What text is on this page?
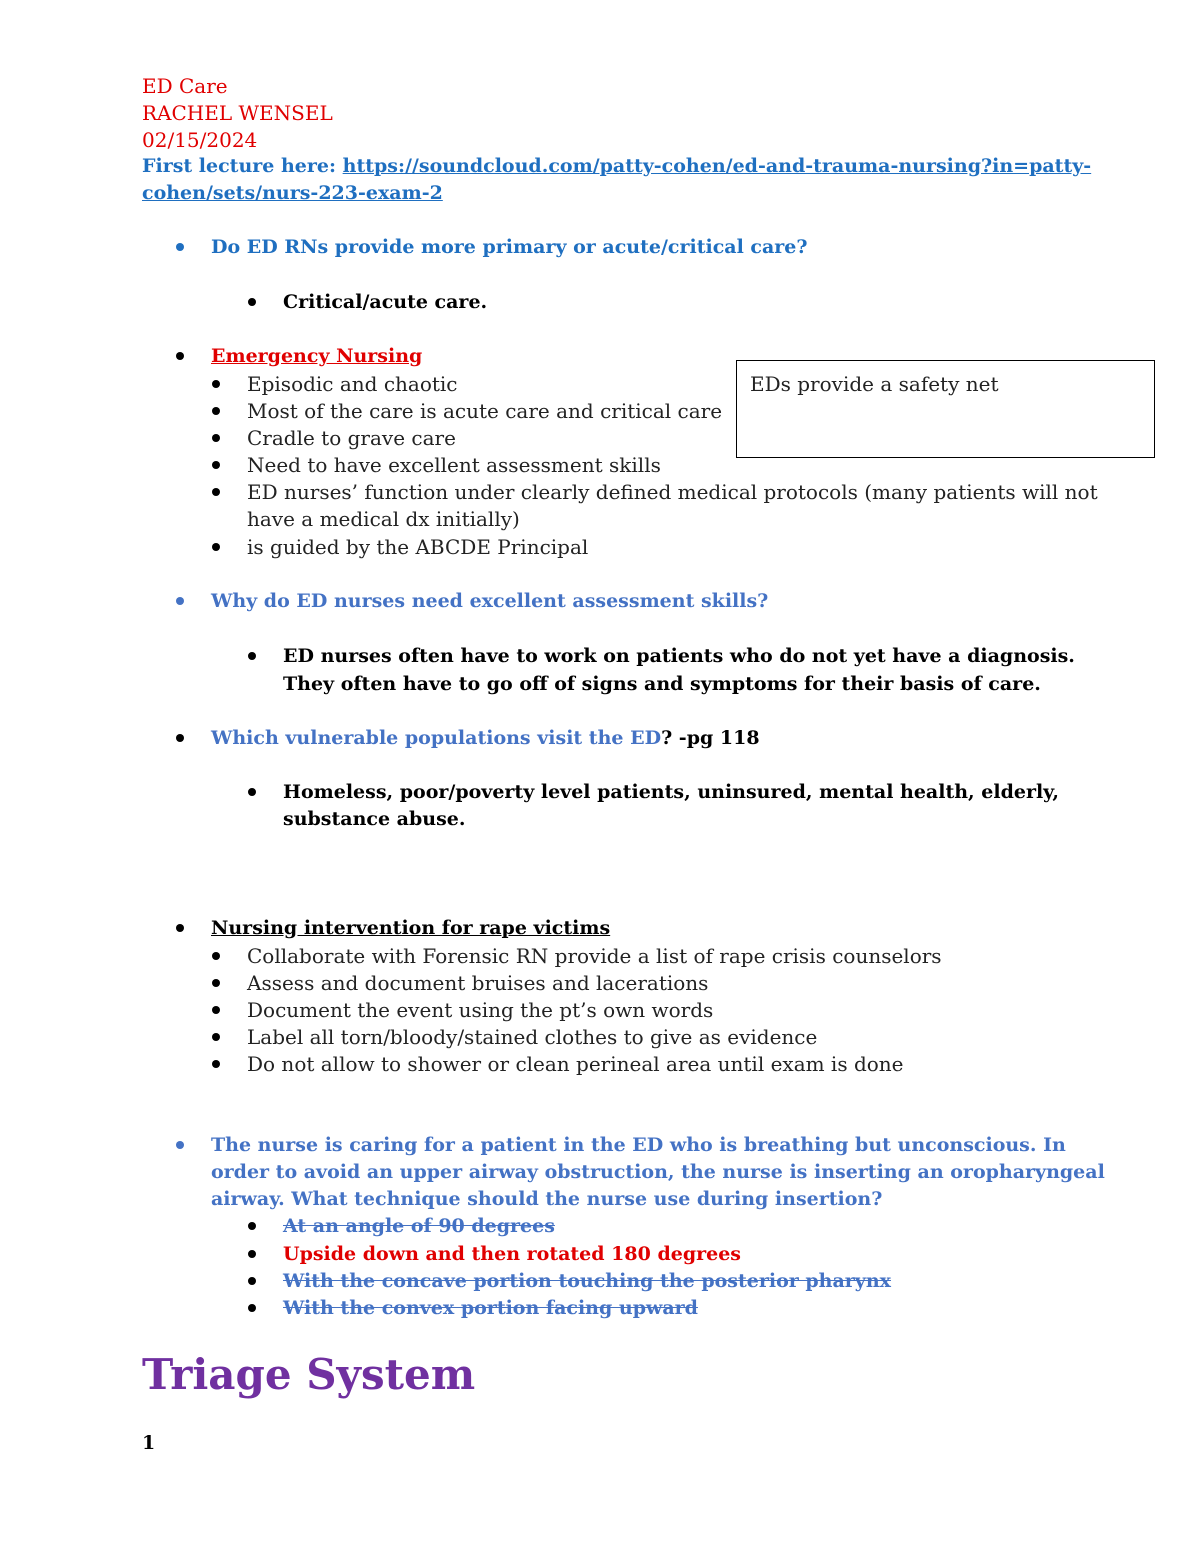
ED Care
RACHEL WENSEL
02/15/2024
First lecture here: https://soundcloud.com/patty-cohen/ed-and-trauma-nursing?in=patty-
cohen/sets/nurs-223-exam-2
Do ED RNs provide more primary or acute/critical care?
Critical/acute care.
Emergency Nursing
Episodic and chaotic
Most of the care is acute care and critical care
Cradle to grave care
Need to have excellent assessment skills
ED nurses’ function under clearly defined medical protocols (many patients will not
have a medical dx initially)
is guided by the ABCDE Principal
EDs provide a safety net
Why do ED nurses need excellent assessment skills?
ED nurses often have to work on patients who do not yet have a diagnosis.
They often have to go off of signs and symptoms for their basis of care.
Which vulnerable populations visit the ED? -pg 118
Homeless, poor/poverty level patients, uninsured, mental health, elderly,
substance abuse.
Nursing intervention for rape victims
Collaborate with Forensic RN provide a list of rape crisis counselors
Assess and document bruises and lacerations
Document the event using the pt’s own words
Label all torn/bloody/stained clothes to give as evidence
Do not allow to shower or clean perineal area until exam is done
The nurse is caring for a patient in the ED who is breathing but unconscious. In
order to avoid an upper airway obstruction, the nurse is inserting an oropharyngeal
airway. What technique should the nurse use during insertion?
At an angle of 90 degrees
Upside down and then rotated 180 degrees
With the concave portion touching the posterior pharynx
With the convex portion facing upward
Triage System
1
